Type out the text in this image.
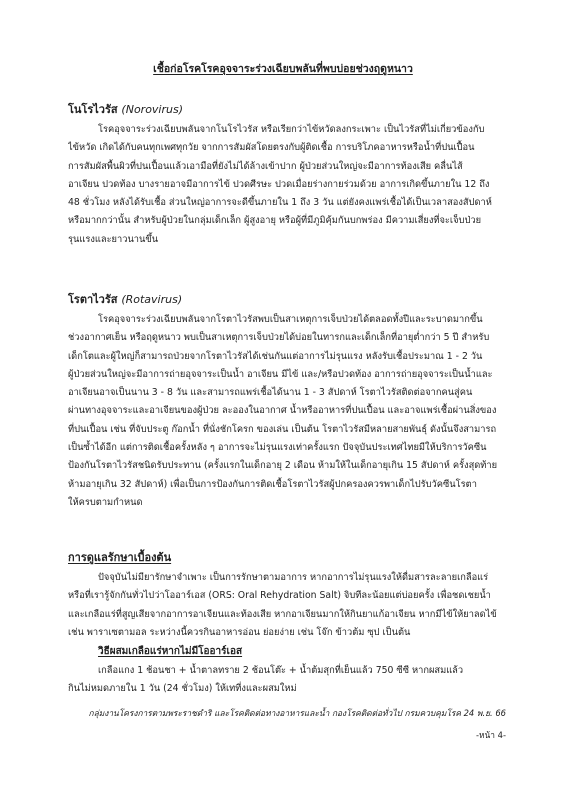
เชื้อก่อโรคโรคอุจจาระร่วงเฉียบพลันที่พบบ่อยช่วงฤดูหนาว
โนโรไวรัส (Norovirus)
โรคอุจจาระร่วงเฉียบพลันจากโนโรไวรัส หรือเรียกว่าไข้หวัดลงกระเพาะ เป็นไวรัสที่ไม่เกี่ยวข้องกับ
ไข้หวัด เกิดได้กับคนทุกเพศทุกวัย จากการสัมผัสโดยตรงกับผู้ติดเชื้อ การบริโภคอาหารหรือน้ำที่ปนเปื้อน
การสัมผัสพื้นผิวที่ปนเปื้อนแล้วเอามือที่ยังไม่ได้ล้างเข้าปาก ผู้ป่วยส่วนใหญ่จะมีอาการท้องเสีย คลื่นไส้
อาเจียน ปวดท้อง บางรายอาจมีอาการไข้ ปวดศีรษะ ปวดเมื่อยร่างกายร่วมด้วย อาการเกิดขึ้นภายใน 12 ถึง
48 ชั่วโมง หลังได้รับเชื้อ ส่วนใหญ่อาการจะดีขึ้นภายใน 1 ถึง 3 วัน แต่ยังคงแพร่เชื้อได้เป็นเวลาสองสัปดาห์
หรือมากกว่านั้น สำหรับผู้ป่วยในกลุ่มเด็กเล็ก ผู้สูงอายุ หรือผู้ที่มีภูมิคุ้มกันบกพร่อง มีความเสี่ยงที่จะเจ็บป่วย
รุนแรงและยาวนานขึ้น
โรตาไวรัส (Rotavirus)
โรคอุจจาระร่วงเฉียบพลันจากโรตาไวรัสพบเป็นสาเหตุการเจ็บป่วยได้ตลอดทั้งปีและระบาดมากขึ้น
ช่วงอากาศเย็น หรือฤดูหนาว พบเป็นสาเหตุการเจ็บป่วยได้บ่อยในทารกและเด็กเล็กที่อายุต่ำกว่า 5 ปี สำหรับ
เด็กโตและผู้ใหญ่ก็สามารถป่วยจากโรตาไวรัสได้เช่นกันแต่อาการไม่รุนแรง หลังรับเชื้อประมาณ 1 - 2 วัน
ผู้ป่วยส่วนใหญ่จะมีอาการถ่ายอุจจาระเป็นน้ำ อาเจียน มีไข้ และ/หรือปวดท้อง อาการถ่ายอุจจาระเป็นน้ำและ
อาเจียนอาจเป็นนาน 3 - 8 วัน และสามารถแพร่เชื้อได้นาน 1 - 3 สัปดาห์ โรตาไวรัสติดต่อจากคนสู่คน
ผ่านทางอุจจาระและอาเจียนของผู้ป่วย ละอองในอากาศ น้ำหรืออาหารที่ปนเปื้อน และอาจแพร่เชื้อผ่านสิ่งของ
ที่ปนเปื้อน เช่น ที่จับประตู ก๊อกน้ำ ที่นั่งชักโครก ของเล่น เป็นต้น โรตาไวรัสมีหลายสายพันธุ์ ดังนั้นจึงสามารถ
เป็นซ้ำได้อีก แต่การติดเชื้อครั้งหลัง ๆ อาการจะไม่รุนแรงเท่าครั้งแรก ปัจจุบันประเทศไทยมีให้บริการวัคซีน
ป้องกันโรตาไวรัสชนิดรับประทาน (ครั้งแรกในเด็กอายุ 2 เดือน ห้ามให้ในเด็กอายุเกิน 15 สัปดาห์ ครั้งสุดท้าย
ห้ามอายุเกิน 32 สัปดาห์) เพื่อเป็นการป้องกันการติดเชื้อโรตาไวรัสผู้ปกครองควรพาเด็กไปรับวัคซีนโรตา
ให้ครบตามกำหนด
การดูแลรักษาเบื้องต้น
ปัจจุบันไม่มียารักษาจำเพาะ เป็นการรักษาตามอาการ หากอาการไม่รุนแรงให้ดื่มสารละลายเกลือแร่
หรือที่เรารู้จักกันทั่วไปว่าโออาร์เอส (ORS: Oral Rehydration Salt) จิบทีละน้อยแต่บ่อยครั้ง เพื่อชดเชยน้ำ
และเกลือแร่ที่สูญเสียจากอาการอาเจียนและท้องเสีย หากอาเจียนมากให้กินยาแก้อาเจียน หากมีไข้ให้ยาลดไข้
เช่น พาราเซตามอล ระหว่างนี้ควรกินอาหารอ่อน ย่อยง่าย เช่น โจ๊ก ข้าวต้ม ซุป เป็นต้น
วิธีผสมเกลือแร่หากไม่มีโออาร์เอส
เกลือแกง 1 ช้อนชา + น้ำตาลทราย 2 ช้อนโต๊ะ + น้ำต้มสุกที่เย็นแล้ว 750 ซีซี หากผสมแล้ว
กินไม่หมดภายใน 1 วัน (24 ชั่วโมง) ให้เทที่งและผสมใหม่
กลุ่มงานโครงการตามพระราชดำริ และโรคติดต่อทางอาหารและน้ำ กองโรคติดต่อทั่วไป กรมควบคุมโรค 24 พ.ย. 66
-หน้า 4-
